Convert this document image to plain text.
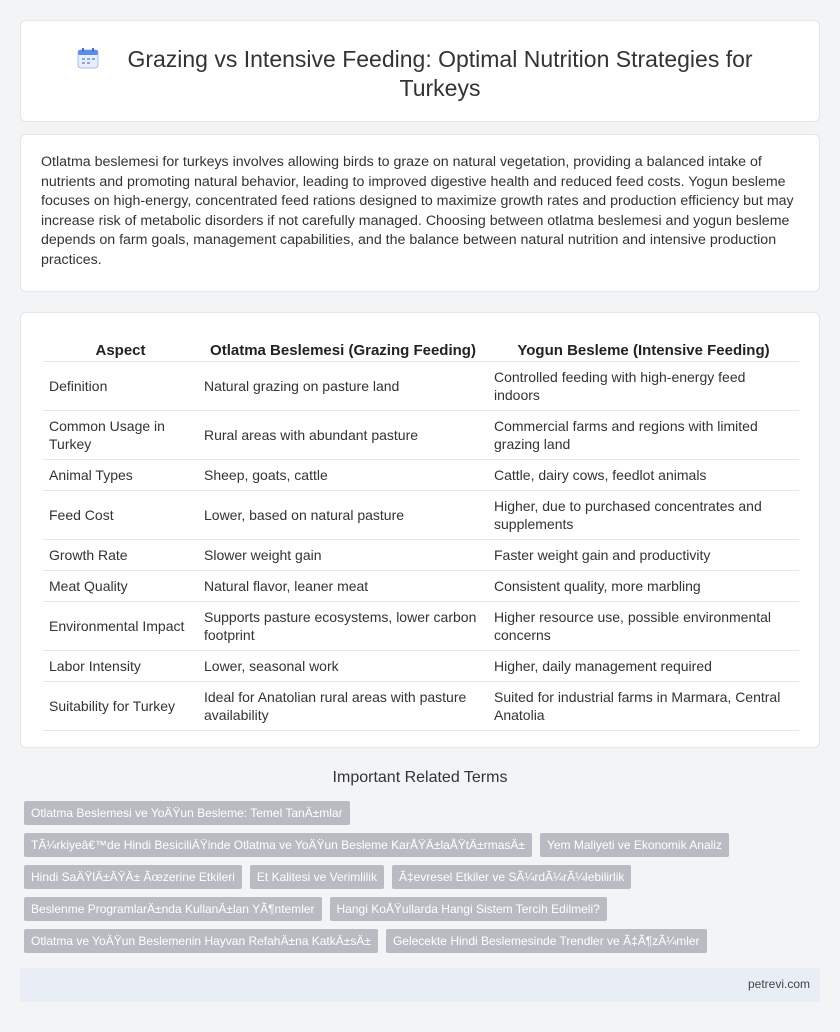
Grazing vs Intensive Feeding: Optimal Nutrition Strategies for Turkeys

Otlatma beslemesi for turkeys involves allowing birds to graze on natural vegetation, providing a balanced intake of nutrients and promoting natural behavior, leading to improved digestive health and reduced feed costs. Yogun besleme focuses on high-energy, concentrated feed rations designed to maximize growth rates and production efficiency but may increase risk of metabolic disorders if not carefully managed. Choosing between otlatma beslemesi and yogun besleme depends on farm goals, management capabilities, and the balance between natural nutrition and intensive production practices.

Aspect	Otlatma Beslemesi (Grazing Feeding)	Yogun Besleme (Intensive Feeding)
Definition	Natural grazing on pasture land	Controlled feeding with high-energy feed indoors
Common Usage in Turkey	Rural areas with abundant pasture	Commercial farms and regions with limited grazing land
Animal Types	Sheep, goats, cattle	Cattle, dairy cows, feedlot animals
Feed Cost	Lower, based on natural pasture	Higher, due to purchased concentrates and supplements
Growth Rate	Slower weight gain	Faster weight gain and productivity
Meat Quality	Natural flavor, leaner meat	Consistent quality, more marbling
Environmental Impact	Supports pasture ecosystems, lower carbon footprint	Higher resource use, possible environmental concerns
Labor Intensity	Lower, seasonal work	Higher, daily management required
Suitability for Turkey	Ideal for Anatolian rural areas with pasture availability	Suited for industrial farms in Marmara, Central Anatolia
Important Related Terms
Otlatma Beslemesi ve YoÄŸun Besleme: Temel TanÄ±mlar
TÃ¼rkiyeâ€™de Hindi BesiciliÄŸinde Otlatma ve YoÄŸun Besleme KarÅŸÄ±laÅŸtÄ±rmasÄ±	Yem Maliyeti ve Ekonomik Analiz
Hindi SaÄŸlÄ±ÄŸÄ± Ãœzerine Etkileri	Et Kalitesi ve Verimlilik	Ã‡evresel Etkiler ve SÃ¼rdÃ¼rÃ¼lebilirlik
Beslenme ProgramlarÄ±nda KullanÄ±lan YÃ¶ntemler	Hangi KoÅŸullarda Hangi Sistem Tercih Edilmeli?
Otlatma ve YoÄŸun Beslemenin Hayvan RefahÄ±na KatkÄ±sÄ±	Gelecekte Hindi Beslemesinde Trendler ve Ã‡Ã¶zÃ¼mler
petrevi.com
